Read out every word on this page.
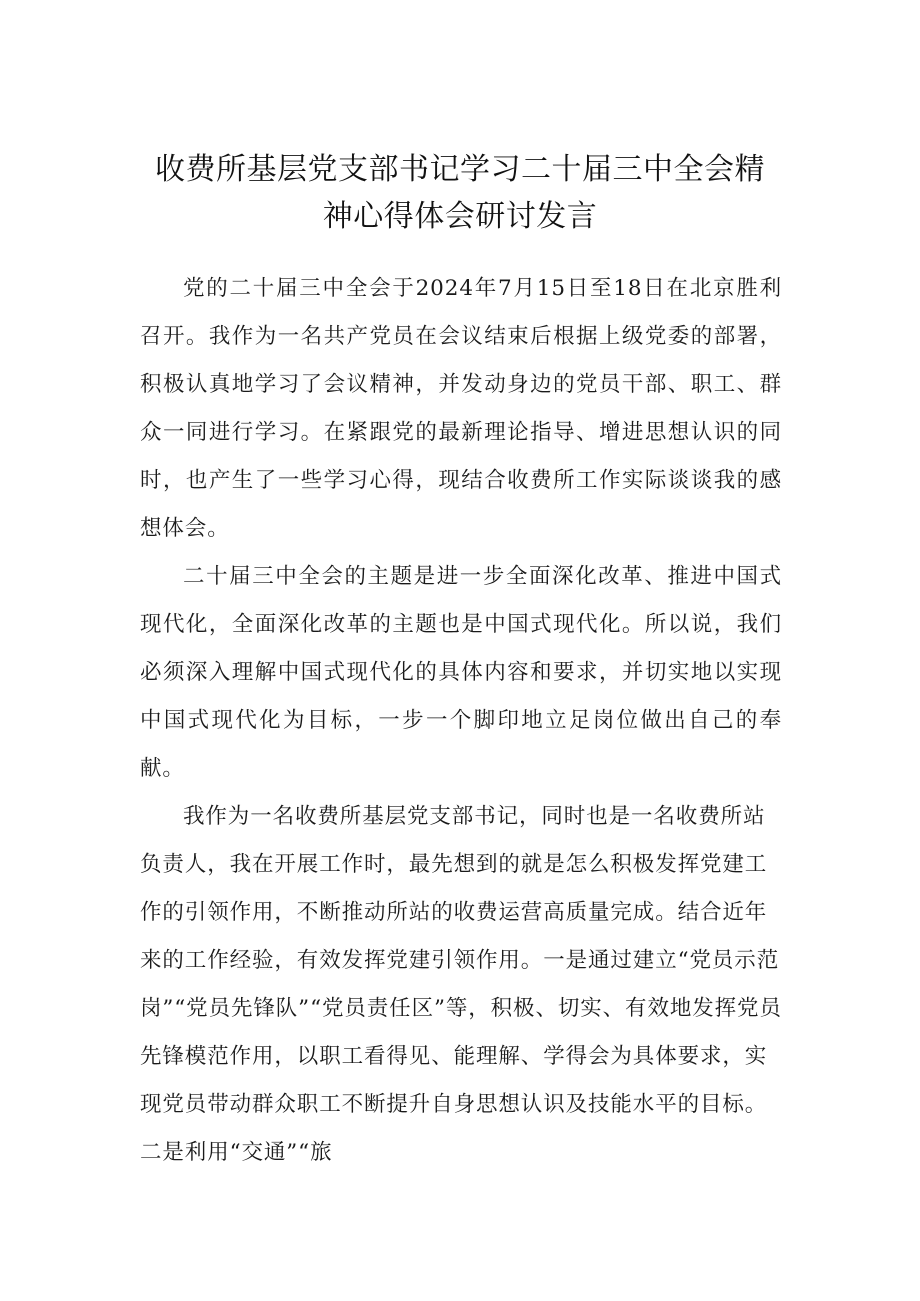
收费所基层党支部书记学习二十届三中全会精
神心得体会研讨发言

党的二十届三中全会于2024年7月15日至18日在北京胜利召开。我作为一名共产党员在会议结束后根据上级党委的部署，积极认真地学习了会议精神，并发动身边的党员干部、职工、群众一同进行学习。在紧跟党的最新理论指导、增进思想认识的同时，也产生了一些学习心得，现结合收费所工作实际谈谈我的感想体会。

二十届三中全会的主题是进一步全面深化改革、推进中国式现代化，全面深化改革的主题也是中国式现代化。所以说，我们必须深入理解中国式现代化的具体内容和要求，并切实地以实现中国式现代化为目标，一步一个脚印地立足岗位做出自己的奉献。

我作为一名收费所基层党支部书记，同时也是一名收费所站负责人，我在开展工作时，最先想到的就是怎么积极发挥党建工作的引领作用，不断推动所站的收费运营高质量完成。结合近年来的工作经验，有效发挥党建引领作用。一是通过建立“党员示范岗”“党员先锋队”“党员责任区”等，积极、切实、有效地发挥党员先锋模范作用，以职工看得见、能理解、学得会为具体要求，实现党员带动群众职工不断提升自身思想认识及技能水平的目标。二是利用“交通”“旅
